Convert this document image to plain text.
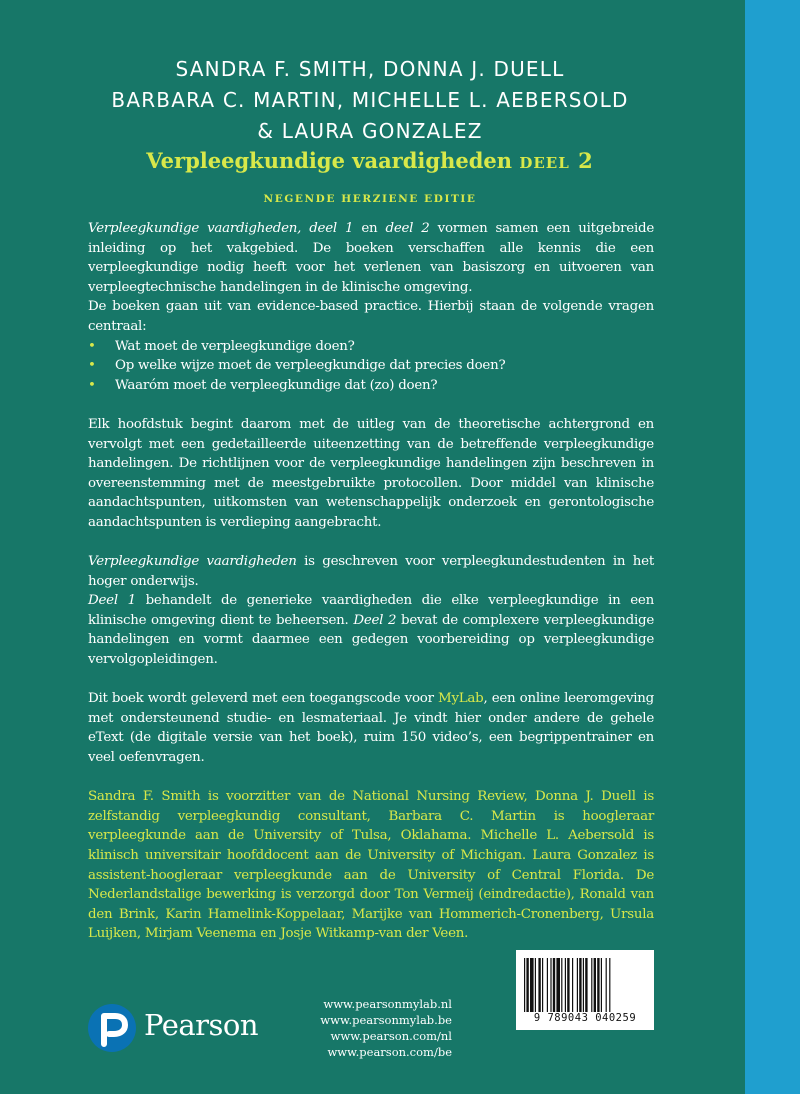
SANDRA F. SMITH, DONNA J. DUELL
BARBARA C. MARTIN, MICHELLE L. AEBERSOLD
& LAURA GONZALEZ
Verpleegkundige vaardigheden deel 2
NEGENDE HERZIENE EDITIE

Verpleegkundige vaardigheden, deel 1 en deel 2 vormen samen een uitgebreide inleiding op het vakgebied. De boeken verschaffen alle kennis die een verpleegkundige nodig heeft voor het verlenen van basiszorg en uitvoeren van verpleegtechnische handelingen in de klinische omgeving.

De boeken gaan uit van evidence-based practice. Hierbij staan de volgende vragen centraal:

• Wat moet de verpleegkundige doen?
• Op welke wijze moet de verpleegkundige dat precies doen?
• Waaróm moet de verpleegkundige dat (zo) doen?

Elk hoofdstuk begint daarom met de uitleg van de theoretische achtergrond en vervolgt met een gedetailleerde uiteenzetting van de betreffende verpleegkundige handelingen. De richtlijnen voor de verpleegkundige handelingen zijn beschreven in overeenstemming met de meestgebruikte protocollen. Door middel van klinische aandachtspunten, uitkomsten van wetenschappelijk onderzoek en gerontologische aandachtspunten is verdieping aangebracht.

Verpleegkundige vaardigheden is geschreven voor verpleegkundestudenten in het hoger onderwijs.

Deel 1 behandelt de generieke vaardigheden die elke verpleegkundige in een klinische omgeving dient te beheersen. Deel 2 bevat de complexere verpleegkundige handelingen en vormt daarmee een gedegen voorbereiding op verpleegkundige vervolgopleidingen.

Dit boek wordt geleverd met een toegangscode voor MyLab, een online leeromgeving met ondersteunend studie- en lesmateriaal. Je vindt hier onder andere de gehele eText (de digitale versie van het boek), ruim 150 video’s, een begrippentrainer en veel oefenvragen.

Sandra F. Smith is voorzitter van de National Nursing Review, Donna J. Duell is zelfstandig verpleegkundig consultant, Barbara C. Martin is hoogleraar verpleegkunde aan de University of Tulsa, Oklahama. Michelle L. Aebersold is klinisch universitair hoofddocent aan de University of Michigan. Laura Gonzalez is assistent-hoogleraar verpleegkunde aan de University of Central Florida. De Nederlandstalige bewerking is verzorgd door Ton Vermeij (eindredactie), Ronald van den Brink, Karin Hamelink-Koppelaar, Marijke van Hommerich-Cronenberg, Ursula Luijken, Mirjam Veenema en Josje Witkamp-van der Veen.

9 789043 040259
www.pearsonmylab.nl
www.pearsonmylab.be
www.pearson.com/nl
www.pearson.com/be
Pearson
